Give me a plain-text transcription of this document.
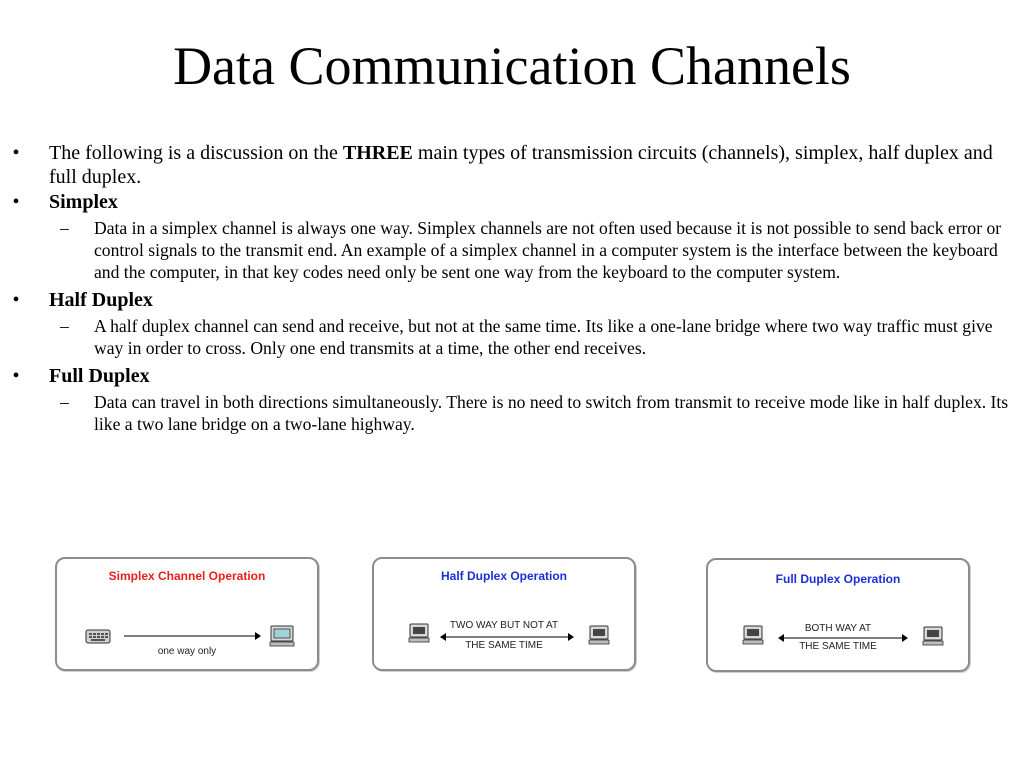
Data Communication Channels
• The following is a discussion on the THREE main types of transmission circuits (channels), simplex, half duplex and full duplex.
• Simplex
– Data in a simplex channel is always one way. Simplex channels are not often used because it is not possible to send back error or control signals to the transmit end. An example of a simplex channel in a computer system is the interface between the keyboard and the computer, in that key codes need only be sent one way from the keyboard to the computer system.
• Half Duplex
– A half duplex channel can send and receive, but not at the same time. Its like a one-lane bridge where two way traffic must give way in order to cross. Only one end transmits at a time, the other end receives.
• Full Duplex
– Data can travel in both directions simultaneously. There is no need to switch from transmit to receive mode like in half duplex. Its like a two lane bridge on a two-lane highway.
Simplex Channel Operation
one way only
Half Duplex Operation
TWO WAY BUT NOT AT
THE SAME TIME
Full Duplex Operation
BOTH WAY AT
THE SAME TIME
